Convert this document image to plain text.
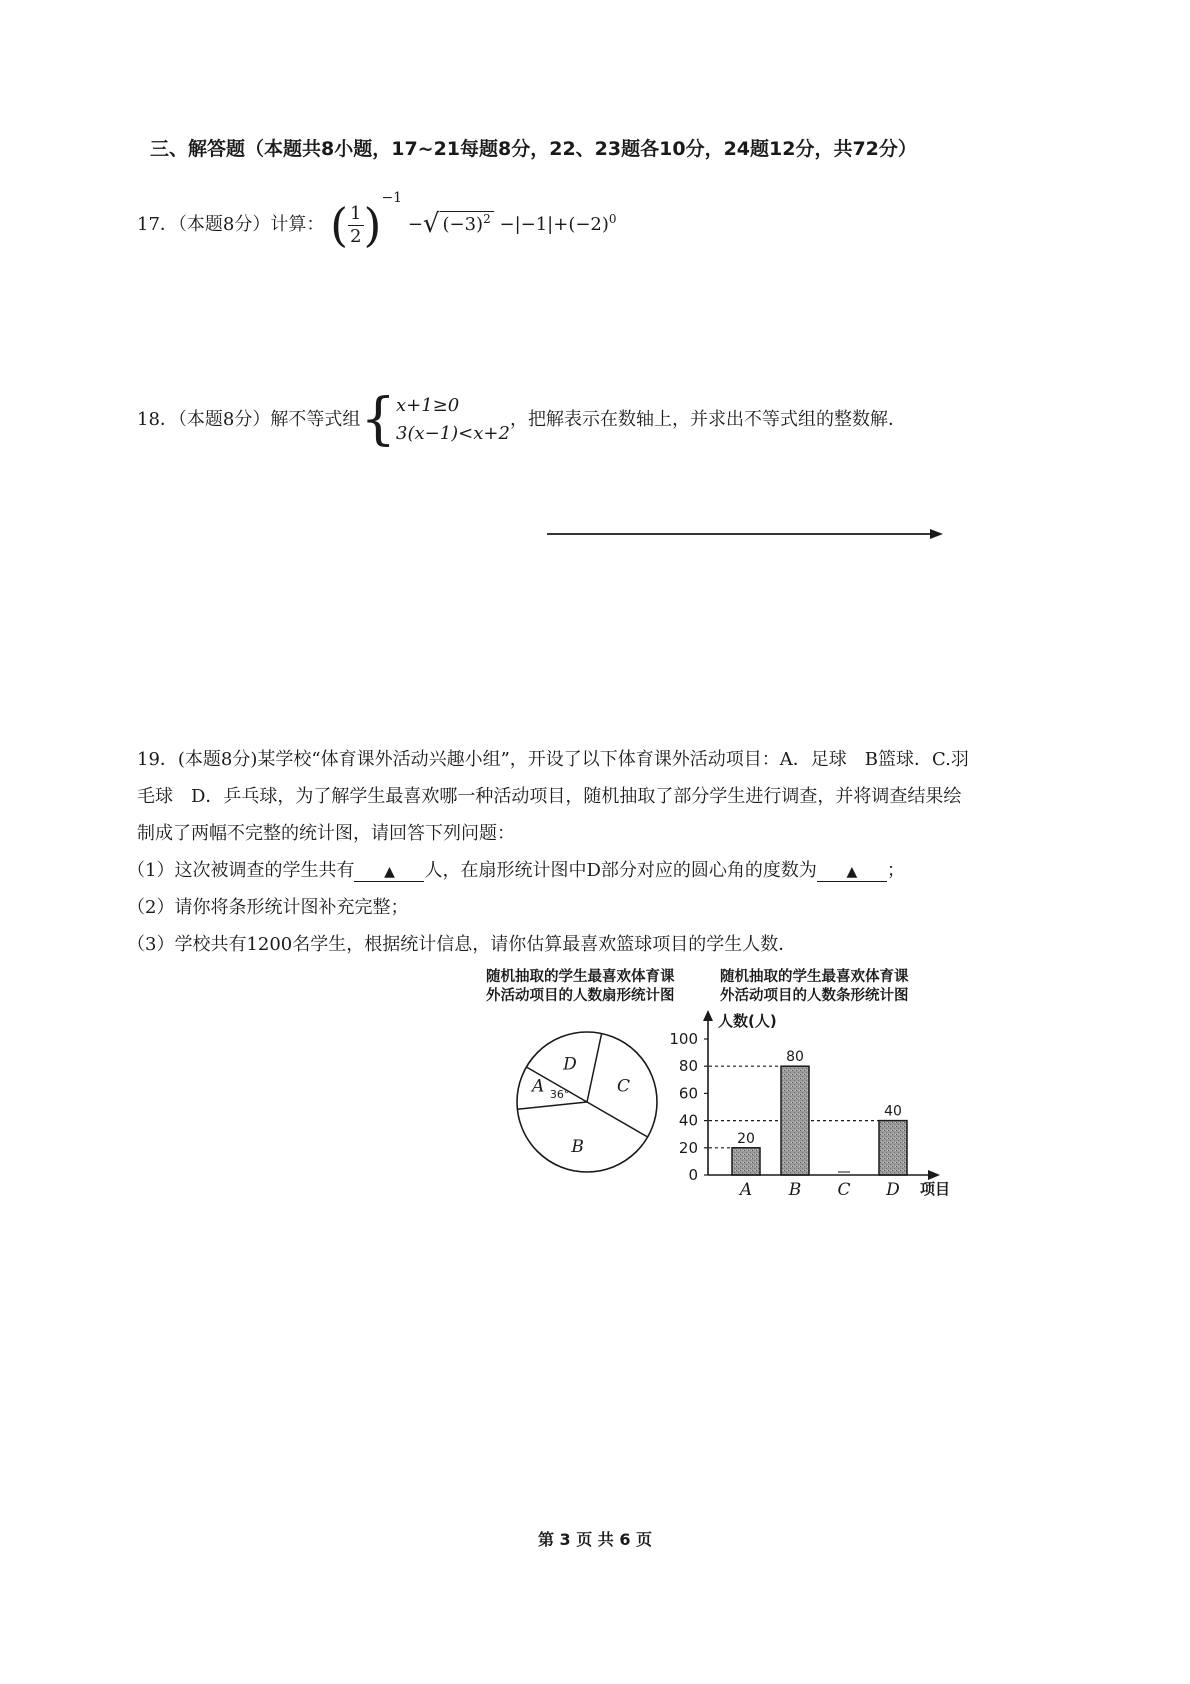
三、解答题（本题共8小题，17~21每题8分，22、23题各10分，24题12分，共72分）
17．（本题8分）计算： ( $\frac{1}{2} )^{-1}$ −√ $(-3)^2 -|-1|+(-2)^0$
18．（本题8分）解不等式组{ x+1≥0
3(x−1)<x+2
，把解表示在数轴上，并求出不等式组的整数解．
19．(本题8分)某学校“体育课外活动兴趣小组”，开设了以下体育课外活动项目：A．足球　B篮球．C.羽
毛球　D．乒乓球，为了解学生最喜欢哪一种活动项目，随机抽取了部分学生进行调查，并将调查结果绘
制成了两幅不完整的统计图，请回答下列问题：
（1）这次被调查的学生共有 ▲ 人，在扇形统计图中D部分对应的圆心角的度数为 ▲ ；
（2）请你将条形统计图补充完整；
（3）学校共有1200名学生，根据统计信息，请你估算最喜欢篮球项目的学生人数．
随机抽取的学生最喜欢体育课
外活动项目的人数扇形统计图
随机抽取的学生最喜欢体育课
外活动项目的人数条形统计图
A 36°
D
C
B
0
20
40
60
80
100
20
80
40
A B C D
人数(人)
项目
第 3 页 共 6 页
